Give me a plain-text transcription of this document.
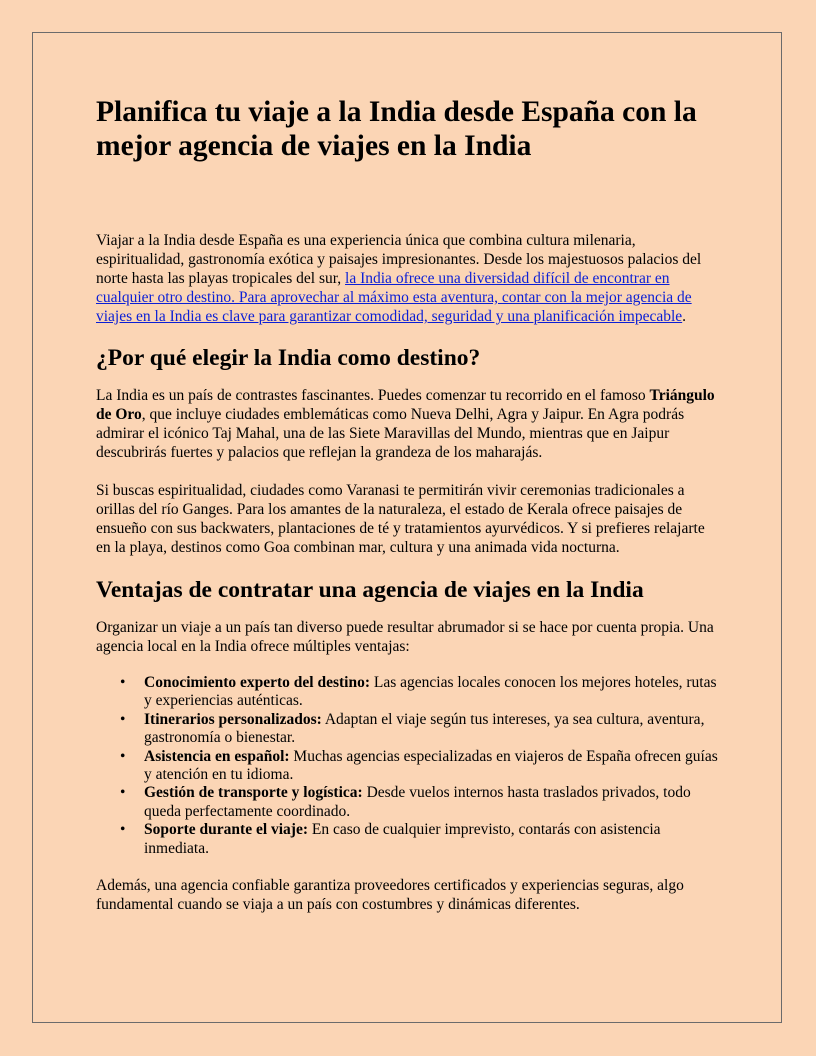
Planifica tu viaje a la India desde España con la mejor agencia de viajes en la India

Viajar a la India desde España es una experiencia única que combina cultura milenaria, espiritualidad, gastronomía exótica y paisajes impresionantes. Desde los majestuosos palacios del norte hasta las playas tropicales del sur, la India ofrece una diversidad difícil de encontrar en cualquier otro destino. Para aprovechar al máximo esta aventura, contar con la mejor agencia de viajes en la India es clave para garantizar comodidad, seguridad y una planificación impecable.

¿Por qué elegir la India como destino?

La India es un país de contrastes fascinantes. Puedes comenzar tu recorrido en el famoso Triángulo de Oro, que incluye ciudades emblemáticas como Nueva Delhi, Agra y Jaipur. En Agra podrás admirar el icónico Taj Mahal, una de las Siete Maravillas del Mundo, mientras que en Jaipur descubrirás fuertes y palacios que reflejan la grandeza de los maharajás.

Si buscas espiritualidad, ciudades como Varanasi te permitirán vivir ceremonias tradicionales a orillas del río Ganges. Para los amantes de la naturaleza, el estado de Kerala ofrece paisajes de ensueño con sus backwaters, plantaciones de té y tratamientos ayurvédicos. Y si prefieres relajarte en la playa, destinos como Goa combinan mar, cultura y una animada vida nocturna.

Ventajas de contratar una agencia de viajes en la India

Organizar un viaje a un país tan diverso puede resultar abrumador si se hace por cuenta propia. Una agencia local en la India ofrece múltiples ventajas:

• Conocimiento experto del destino: Las agencias locales conocen los mejores hoteles, rutas y experiencias auténticas.
• Itinerarios personalizados: Adaptan el viaje según tus intereses, ya sea cultura, aventura, gastronomía o bienestar.
• Asistencia en español: Muchas agencias especializadas en viajeros de España ofrecen guías y atención en tu idioma.
• Gestión de transporte y logística: Desde vuelos internos hasta traslados privados, todo queda perfectamente coordinado.
• Soporte durante el viaje: En caso de cualquier imprevisto, contarás con asistencia inmediata.

Además, una agencia confiable garantiza proveedores certificados y experiencias seguras, algo fundamental cuando se viaja a un país con costumbres y dinámicas diferentes.
